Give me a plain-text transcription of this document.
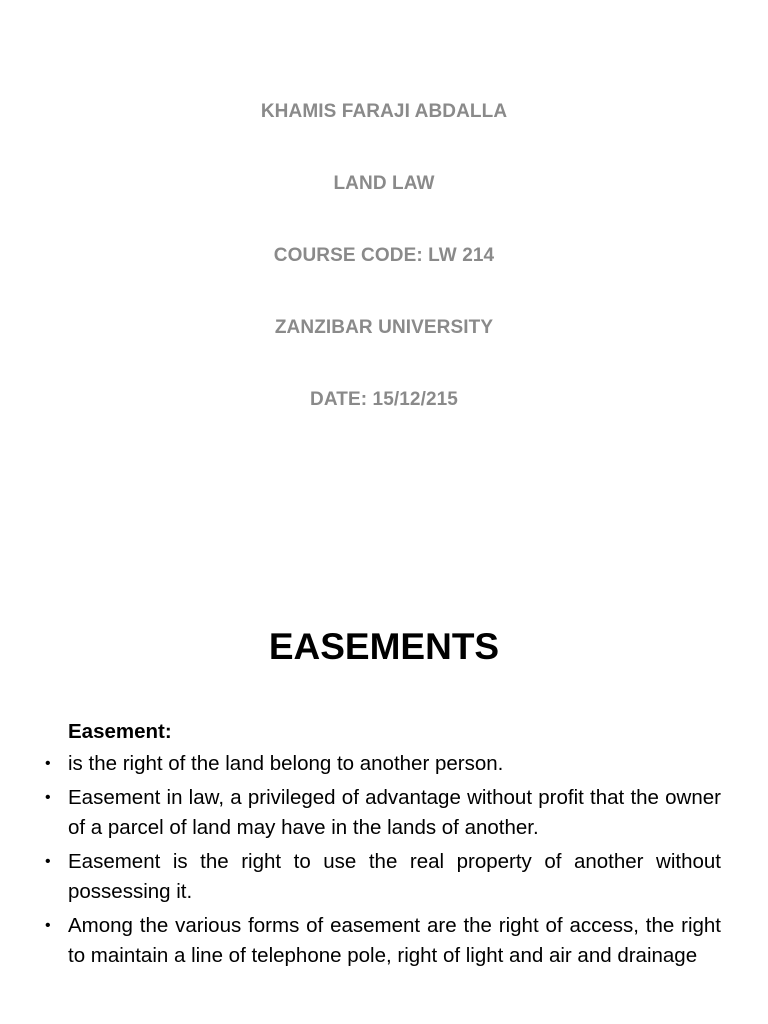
KHAMIS FARAJI ABDALLA
LAND LAW
COURSE CODE: LW 214
ZANZIBAR UNIVERSITY
DATE: 15/12/215
EASEMENTS
Easement:
• is the right of the land belong to another person.
• Easement in law, a privileged of advantage without profit that the owner of a parcel of land may have in the lands of another.
• Easement is the right to use the real property of another without possessing it.
• Among the various forms of easement are the right of access, the right to maintain a line of telephone pole, right of light and air and drainage
